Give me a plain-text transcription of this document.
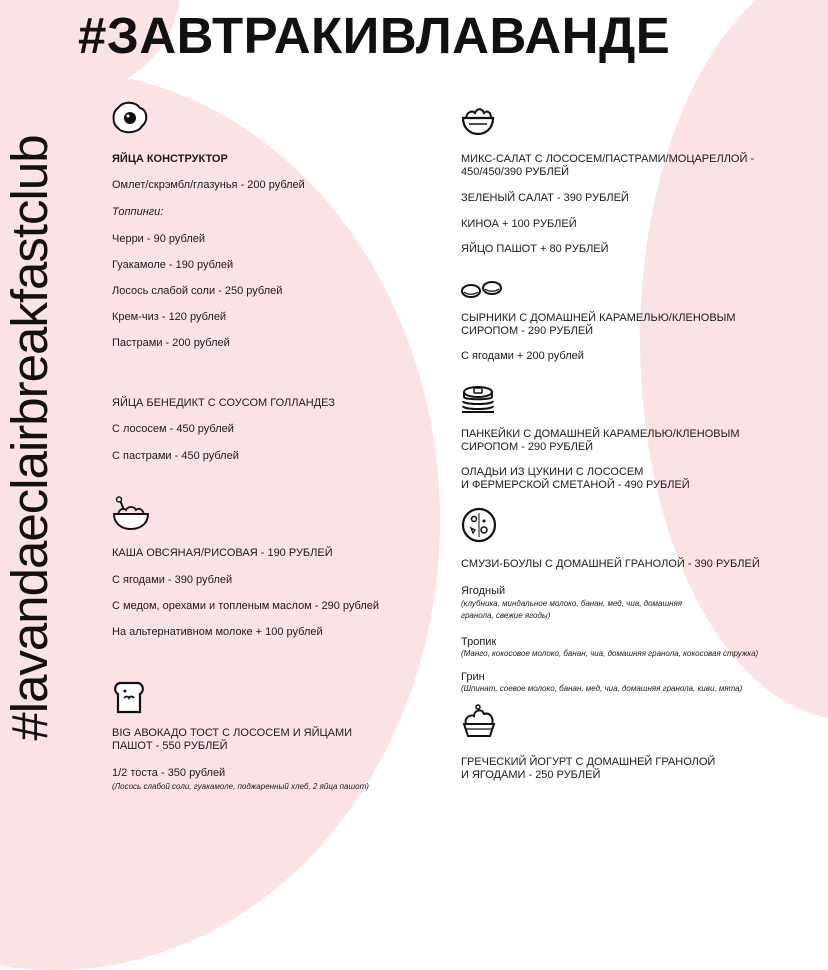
#lavandaeclairbreakfastclub
#ЗАВТРАКИВЛАВАНДЕ
ЯЙЦА КОНСТРУКТОР
Омлет/скрэмбл/глазунья - 200 рублей
Топпинги:
Черри - 90 рублей
Гуакамоле - 190 рублей
Лосось слабой соли - 250 рублей
Крем-чиз - 120 рублей
Пастрами - 200 рублей
ЯЙЦА БЕНЕДИКТ С СОУСОМ ГОЛЛАНДЕЗ
С лососем - 450 рублей
С пастрами - 450 рублей
КАША ОВСЯНАЯ/РИСОВАЯ - 190 РУБЛЕЙ
С ягодами - 390 рублей
С медом, орехами и топленым маслом - 290 рублей
На альтернативном молоке + 100 рублей
BIG АВОКАДО ТОСТ С ЛОСОСЕМ И ЯЙЦАМИ
ПАШОТ - 550 РУБЛЕЙ
1/2 тоста - 350 рублей
(Лосось слабой соли, гуакамоле, поджаренный хлеб, 2 яйца пашот)
МИКС-САЛАТ С ЛОСОСЕМ/ПАСТРАМИ/МОЦАРЕЛЛОЙ -
450/450/390 РУБЛЕЙ
ЗЕЛЕНЫЙ САЛАТ - 390 РУБЛЕЙ
КИНОА + 100 РУБЛЕЙ
ЯЙЦО ПАШОТ + 80 РУБЛЕЙ
СЫРНИКИ С ДОМАШНЕЙ КАРАМЕЛЬЮ/КЛЕНОВЫМ
СИРОПОМ - 290 РУБЛЕЙ
С ягодами + 200 рублей
ПАНКЕЙКИ С ДОМАШНЕЙ КАРАМЕЛЬЮ/КЛЕНОВЫМ
СИРОПОМ - 290 РУБЛЕЙ
ОЛАДЬИ ИЗ ЦУКИНИ С ЛОСОСЕМ
И ФЕРМЕРСКОЙ СМЕТАНОЙ - 490 РУБЛЕЙ
СМУЗИ-БОУЛЫ С ДОМАШНЕЙ ГРАНОЛОЙ - 390 РУБЛЕЙ
Ягодный
(клубника, миндальное молоко, банан, мед, чиа, домашняя
гранола, свежие ягоды)
Тропик
(Манго, кокосовое молоко, банан, чиа, домашняя гранола, кокосовая стружка)
Грин
(Шпинат, соевое молоко, банан, мед, чиа, домашняя гранола, киви, мята)
ГРЕЧЕСКИЙ ЙОГУРТ С ДОМАШНЕЙ ГРАНОЛОЙ
И ЯГОДАМИ - 250 РУБЛЕЙ
